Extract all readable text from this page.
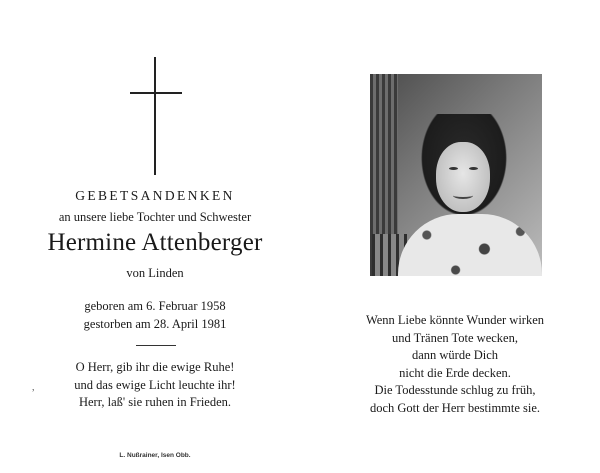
GEBETSANDENKEN
an unsere liebe Tochter und Schwester
Hermine Attenberger
von Linden
geboren am 6. Februar 1958
gestorben am 28. April 1981
O Herr, gib ihr die ewige Ruhe!
und das ewige Licht leuchte ihr!
Herr, laß' sie ruhen in Frieden.
,
Wenn Liebe könnte Wunder wirken
und Tränen Tote wecken,
dann würde Dich
nicht die Erde decken.
Die Todesstunde schlug zu früh,
doch Gott der Herr bestimmte sie.
L. Nußrainer, Isen Obb.
